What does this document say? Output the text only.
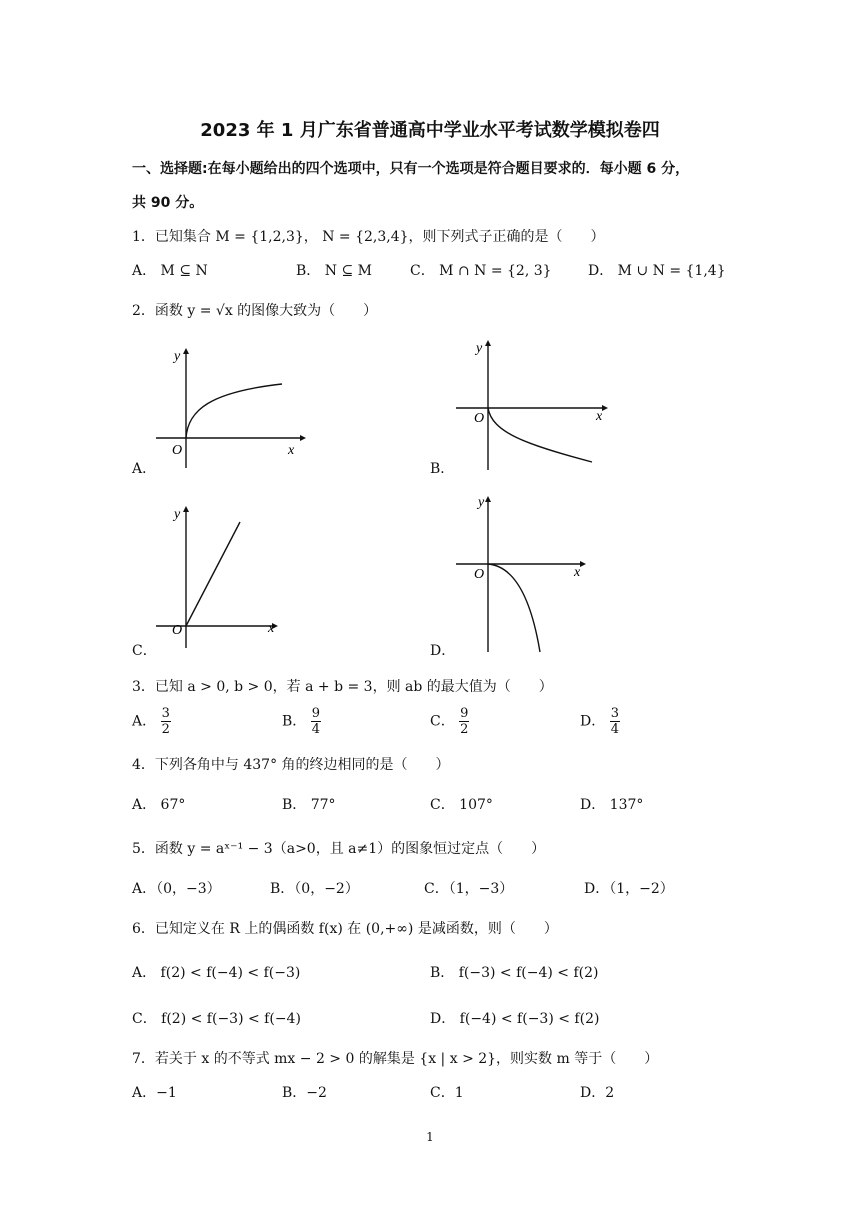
2023 年 1 月广东省普通高中学业水平考试数学模拟卷四
一、选择题:在每小题给出的四个选项中，只有一个选项是符合题目要求的．每小题 6 分，
共 90 分。
1．已知集合 M = {1,2,3}， N = {2,3,4}，则下列式子正确的是（　　）
A． M ⊆ N	B． N ⊆ M	C． M ∩ N = {2, 3}	D． M ∪ N = {1,4}
2．函数 y = √x 的图像大致为（　　）
y
x
O
A．
y
x
O
B．
y
x
O
C．
y
x
O
D．
3．已知 a > 0, b > 0，若 a + b = 3，则 ab 的最大值为（　　）
A． $\frac{3}{2}$	B． $\frac{9}{4}$	C． $\frac{9}{2}$	D． $\frac{3}{4}$
4．下列各角中与 437° 角的终边相同的是（　　）
A． 67°	B． 77°	C． 107°	D． 137°
5．函数 y = aˣ⁻¹ − 3（a>0，且 a≠1）的图象恒过定点（　　）
A．（0，−3）	B．（0，−2）	C．（1，−3）	D．（1，−2）
6．已知定义在 R 上的偶函数 f(x) 在 (0,+∞) 是减函数，则（　　）
A． f(2) < f(−4) < f(−3)	B． f(−3) < f(−4) < f(2)
C． f(2) < f(−3) < f(−4)	D． f(−4) < f(−3) < f(2)
7．若关于 x 的不等式 mx − 2 > 0 的解集是 {x | x > 2}，则实数 m 等于（　　）
A．−1	B．−2	C．1	D．2
1
